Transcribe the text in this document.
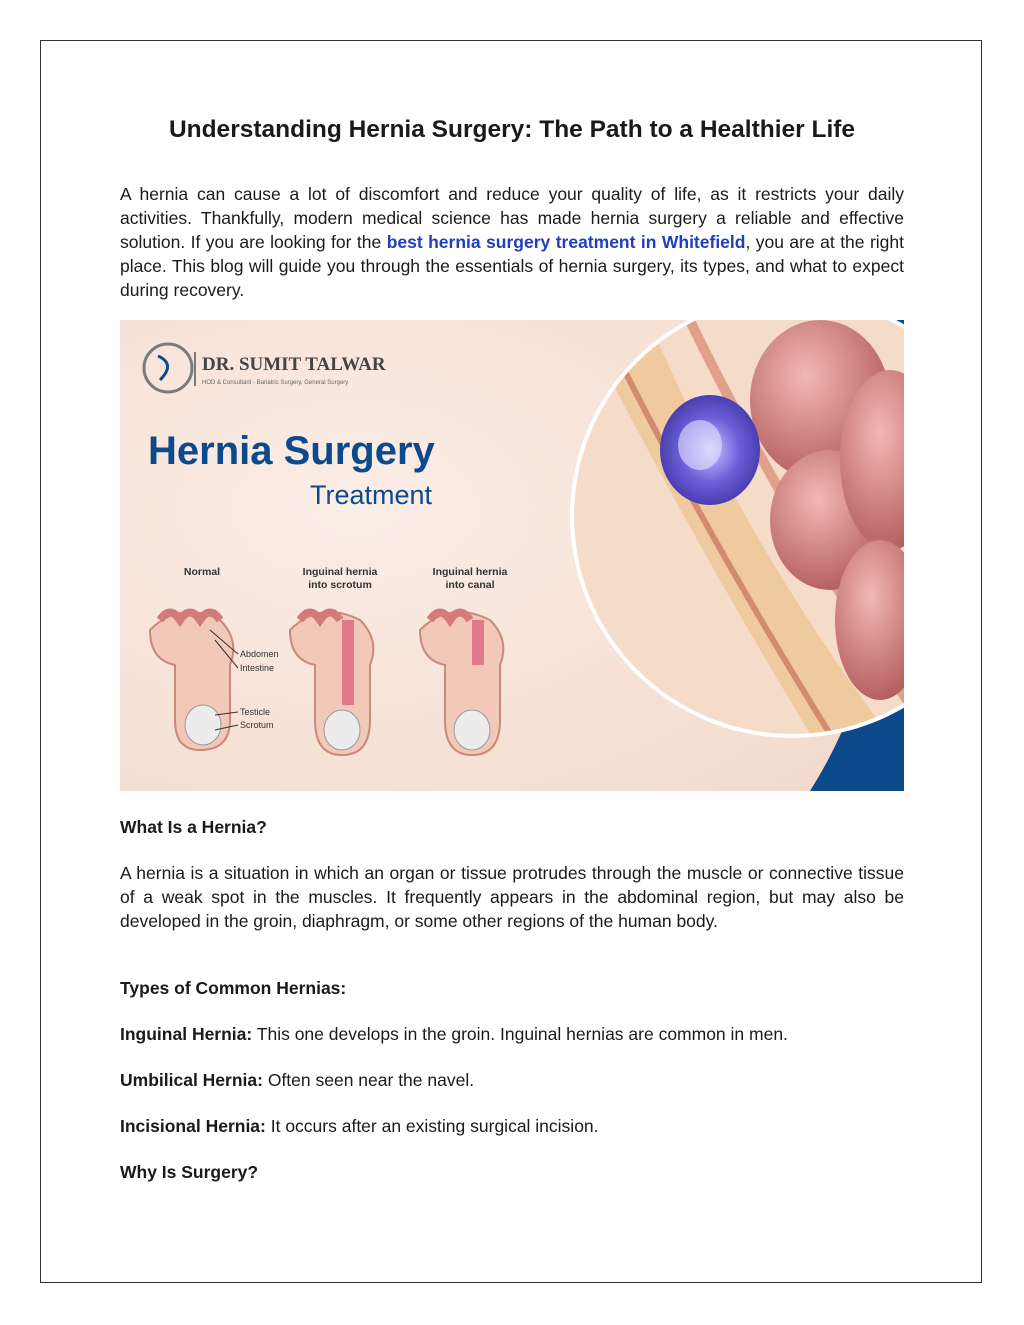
Understanding Hernia Surgery: The Path to a Healthier Life

A hernia can cause a lot of discomfort and reduce your quality of life, as it restricts your daily activities. Thankfully, modern medical science has made hernia surgery a reliable and effective solution. If you are looking for the best hernia surgery treatment in Whitefield, you are at the right place. This blog will guide you through the essentials of hernia surgery, its types, and what to expect during recovery.

DR. SUMIT TALWAR
HOD & Consultant - Bariatric Surgery, General Surgery
Hernia Surgery
Treatment
Normal	Inguinal hernia
into scrotum
Inguinal hernia
into canal
Abdomen
Intestine
Testicle
Scrotum

What Is a Hernia?

A hernia is a situation in which an organ or tissue protrudes through the muscle or connective tissue of a weak spot in the muscles. It frequently appears in the abdominal region, but may also be developed in the groin, diaphragm, or some other regions of the human body.

Types of Common Hernias:

Inguinal Hernia: This one develops in the groin. Inguinal hernias are common in men.

Umbilical Hernia: Often seen near the navel.

Incisional Hernia: It occurs after an existing surgical incision.

Why Is Surgery?
